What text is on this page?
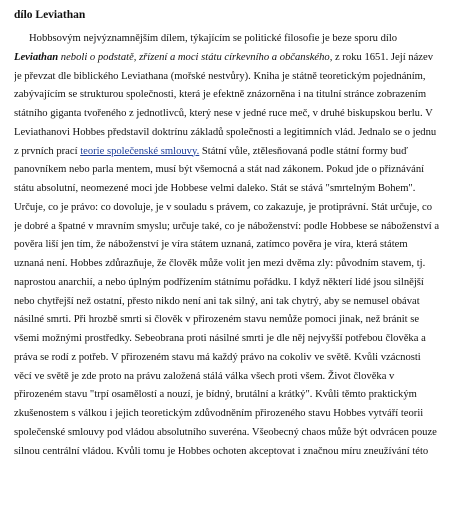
dílo Leviathan
Hobbsovým nejvýznamnějším dílem, týkajícím se politické filosofie je beze sporu dílo
Leviathan neboli o podstatě, zřízení a moci státu církevního a občanského, z roku 1651. Její název
je převzat dle biblického Leviathana (mořské nestvůry). Kniha je státně teoretickým pojednáním,
zabývajícím se strukturou společnosti, která je efektně znázorněna i na titulní stránce zobrazením
státního giganta tvořeného z jednotlivců, který nese v jedné ruce meč, v druhé biskupskou berlu. V
Leviathanovi Hobbes představil doktrínu základů společnosti a legitimních vlád. Jednalo se o jednu
z prvních prací teorie společenské smlouvy. Státní vůle, ztělesňovaná podle státní formy buď
panovníkem nebo parla mentem, musí být všemocná a stát nad zákonem. Pokud jde o přiznávání
státu absolutní, neomezené moci jde Hobbese velmi daleko. Stát se stává "smrtelným Bohem".
Určuje, co je právo: co dovoluje, je v souladu s právem, co zakazuje, je protiprávní. Stát určuje, co
je dobré a špatné v mravním smyslu; určuje také, co je náboženství: podle Hobbese se náboženství a
pověra liší jen tím, že náboženství je víra státem uznaná, zatímco pověra je víra, která státem
uznaná není. Hobbes zdůrazňuje, že člověk může volit jen mezi dvěma zly: původním stavem, tj.
naprostou anarchií, a nebo úplným podřízením státnímu pořádku. I když některí lidé jsou silnější
nebo chytřejší než ostatní, přesto nikdo není ani tak silný, ani tak chytrý, aby se nemusel obávat
násilné smrti. Při hrozbě smrti si člověk v přirozeném stavu nemůže pomoci jinak, než bránit se
všemi možnými prostředky. Sebeobrana proti násilné smrti je dle něj nejvyšší potřebou člověka a
práva se rodí z potřeb. V přirozeném stavu má každý právo na cokoliv ve světě. Kvůli vzácnosti
věcí ve světě je zde proto na právu založená stálá válka všech proti všem. Život člověka v
přirozeném stavu "trpí osamělostí a nouzí, je bídný, brutální a krátký". Kvůli těmto praktickým
zkušenostem s válkou i jejich teoretickým zdůvodněním přirozeného stavu Hobbes vytváří teorii
společenské smlouvy pod vládou absolutního suveréna. Všeobecný chaos může být odvrácen pouze
silnou centrální vládou. Kvůli tomu je Hobbes ochoten akceptovat i značnou míru zneužívání této
